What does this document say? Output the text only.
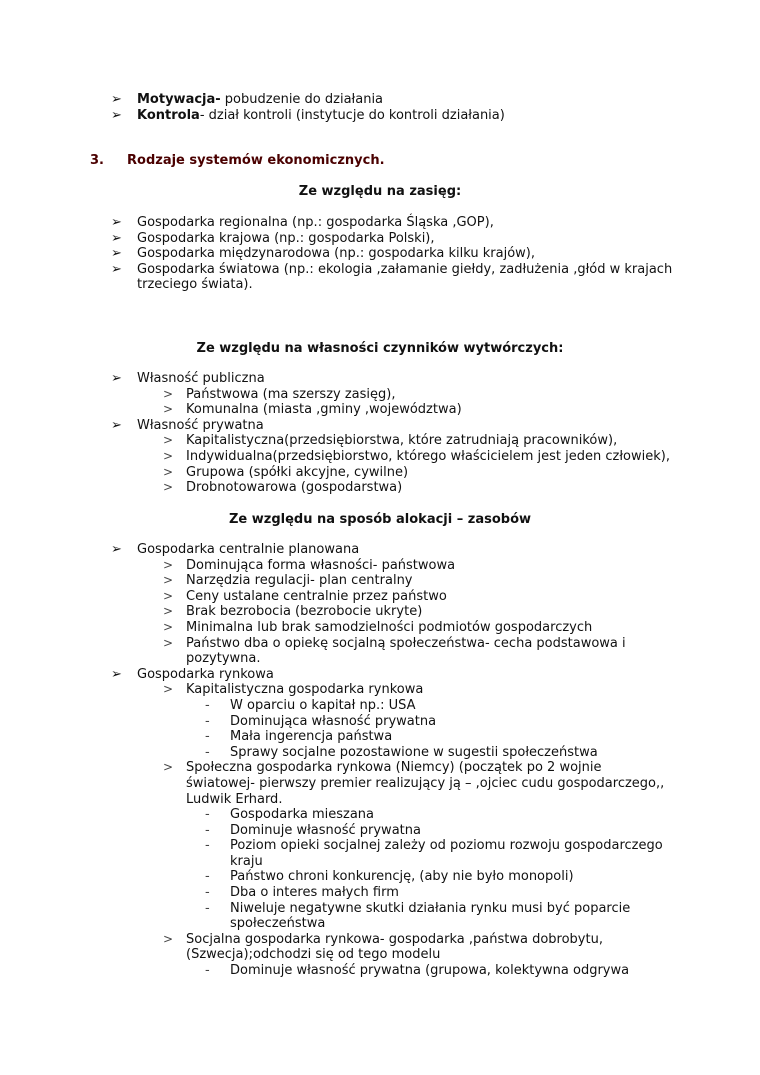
➢ Motywacja- pobudzenie do działania
➢ Kontrola- dział kontroli (instytucje do kontroli działania)
3. Rodzaje systemów ekonomicznych.
Ze względu na zasięg:
➢ Gospodarka regionalna (np.: gospodarka Śląska ,GOP),
➢ Gospodarka krajowa (np.: gospodarka Polski),
➢ Gospodarka międzynarodowa (np.: gospodarka kilku krajów),
➢ Gospodarka światowa (np.: ekologia ,załamanie giełdy, zadłużenia ,głód w krajach
trzeciego świata).
Ze względu na własności czynników wytwórczych:
➢ Własność publiczna
> Państwowa (ma szerszy zasięg),
> Komunalna (miasta ,gminy ,województwa)
➢ Własność prywatna
> Kapitalistyczna(przedsiębiorstwa, które zatrudniają pracowników),
> Indywidualna(przedsiębiorstwo, którego właścicielem jest jeden człowiek),
> Grupowa (spółki akcyjne, cywilne)
> Drobnotowarowa (gospodarstwa)
Ze względu na sposób alokacji – zasobów
➢ Gospodarka centralnie planowana
> Dominująca forma własności- państwowa
> Narzędzia regulacji- plan centralny
> Ceny ustalane centralnie przez państwo
> Brak bezrobocia (bezrobocie ukryte)
> Minimalna lub brak samodzielności podmiotów gospodarczych
> Państwo dba o opiekę socjalną społeczeństwa- cecha podstawowa i
pozytywna.
➢ Gospodarka rynkowa
> Kapitalistyczna gospodarka rynkowa
- W oparciu o kapitał np.: USA
- Dominująca własność prywatna
- Mała ingerencja państwa
- Sprawy socjalne pozostawione w sugestii społeczeństwa
> Społeczna gospodarka rynkowa (Niemcy) (początek po 2 wojnie
światowej- pierwszy premier realizujący ją – ,ojciec cudu gospodarczego,,
Ludwik Erhard.
- Gospodarka mieszana
- Dominuje własność prywatna
- Poziom opieki socjalnej zależy od poziomu rozwoju gospodarczego
kraju
- Państwo chroni konkurencję, (aby nie było monopoli)
- Dba o interes małych firm
- Niweluje negatywne skutki działania rynku musi być poparcie
społeczeństwa
> Socjalna gospodarka rynkowa- gospodarka ,państwa dobrobytu,
(Szwecja);odchodzi się od tego modelu
- Dominuje własność prywatna (grupowa, kolektywna odgrywa
